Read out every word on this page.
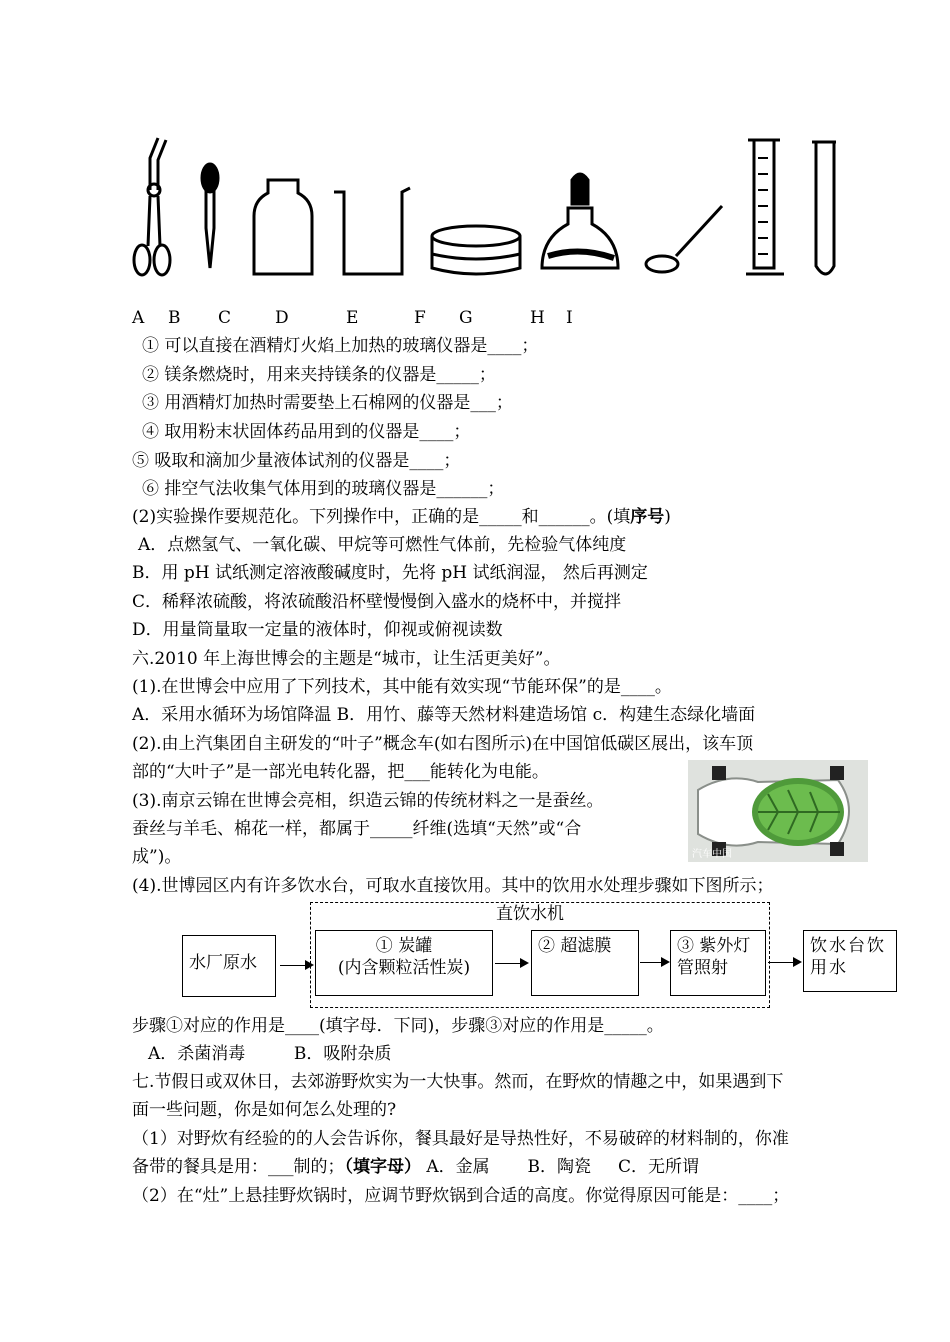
A B C	D	E	F G	H I
① 可以直接在酒精灯火焰上加热的玻璃仪器是____；
② 镁条燃烧时，用来夹持镁条的仪器是_____；
③ 用酒精灯加热时需要垫上石棉网的仪器是___；
④ 取用粉末状固体药品用到的仪器是____；
⑤ 吸取和滴加少量液体试剂的仪器是____；
⑥ 排空气法收集气体用到的玻璃仪器是______；
(2)实验操作要规范化。下列操作中，正确的是_____和______。(填序号)
A．点燃氢气、一氧化碳、甲烷等可燃性气体前，先检验气体纯度
B．用 pH 试纸测定溶液酸碱度时，先将 pH 试纸润湿， 然后再测定
C．稀释浓硫酸，将浓硫酸沿杯壁慢慢倒入盛水的烧杯中，并搅拌
D．用量筒量取一定量的液体时，仰视或俯视读数
六.2010 年上海世博会的主题是“城市，让生活更美好”。
(1).在世博会中应用了下列技术，其中能有效实现“节能环保”的是____。
A．采用水循环为场馆降温 B．用竹、藤等天然材料建造场馆 c．构建生态绿化墙面
(2).由上汽集团自主研发的“叶子”概念车(如右图所示)在中国馆低碳区展出，该车顶
部的“大叶子”是一部光电转化器，把___能转化为电能。
(3).南京云锦在世博会亮相，织造云锦的传统材料之一是蚕丝。
蚕丝与羊毛、棉花一样，都属于_____纤维(选填“天然”或“合
成”)。	汽车中国
(4).世博园区内有许多饮水台，可取水直接饮用。其中的饮用水处理步骤如下图所示；
直饮水机
水厂原水
① 炭罐
(内含颗粒活性炭)
② 超滤膜	③ 紫外灯管照射
饮水台饮用水
步骤①对应的作用是____(填字母．下同)，步骤③对应的作用是_____。
A．杀菌消毒         B．吸附杂质
七.节假日或双休日，去郊游野炊实为一大快事。然而，在野炊的情趣之中，如果遇到下
面一些问题，你是如何怎么处理的?
（1）对野炊有经验的的人会告诉你，餐具最好是导热性好，不易破碎的材料制的，你准
备带的餐具是用：___制的；（填字母） A．金属       B．陶瓷     C．无所谓
（2）在“灶”上悬挂野炊锅时，应调节野炊锅到合适的高度。你觉得原因可能是：____；
